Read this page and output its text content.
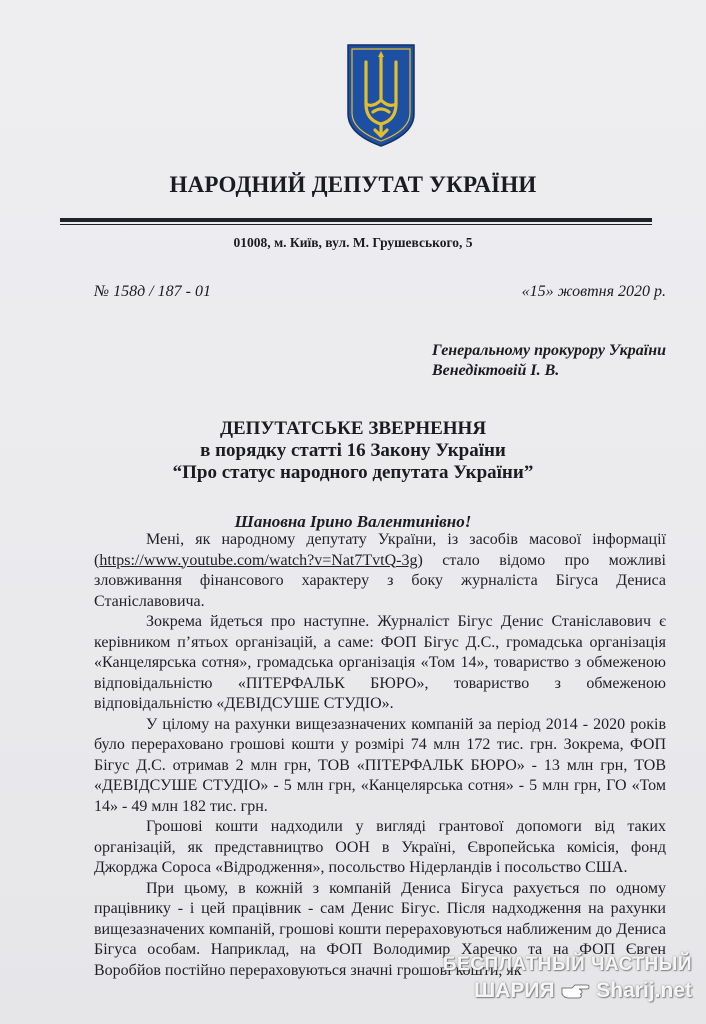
НАРОДНИЙ ДЕПУТАТ УКРАЇНИ
01008, м. Київ, вул. М. Грушевського, 5
№ 158д / 187 - 01	«15» жовтня 2020 р.
Генеральному прокурору України
Венедіктовій І. В.
ДЕПУТАТСЬКЕ ЗВЕРНЕННЯ
в порядку статті 16 Закону України
“Про статус народного депутата України”
Шановна Ірино Валентинівно!

Мені, як народному депутату України, із засобів масової інформації (https://www.youtube.com/watch?v=Nat7TvtQ-3g) стало відомо про можливі зловживання фінансового характеру з боку журналіста Бігуса Дениса Станіславовича.

Зокрема йдеться про наступне. Журналіст Бігус Денис Станіславович є керівником п’ятьох організацій, а саме: ФОП Бігус Д.С., громадська організація «Канцелярська сотня», громадська організація «Том 14», товариство з обмеженою відповідальністю «ПІТЕРФАЛЬК БЮРО», товариство з обмеженою відповідальністю «ДЕВІДСУШЕ СТУДІО».

У цілому на рахунки вищезазначених компаній за період 2014 - 2020 років було перераховано грошові кошти у розмірі 74 млн 172 тис. грн. Зокрема, ФОП Бігус Д.С. отримав 2 млн грн, ТОВ «ПІТЕРФАЛЬК БЮРО» - 13 млн грн, ТОВ «ДЕВІДСУШЕ СТУДІО» - 5 млн грн, «Канцелярська сотня» - 5 млн грн, ГО «Том 14» - 49 млн 182 тис. грн.

Грошові кошти надходили у вигляді грантової допомоги від таких організацій, як представництво ООН в Україні, Європейська комісія, фонд Джорджа Сороса «Відродження», посольство Нідерландів і посольство США.

При цьому, в кожній з компаній Дениса Бігуса рахується по одному працівнику - і цей працівник - сам Денис Бігус. Після надходження на рахунки вищезазначених компаній, грошові кошти перераховуються наближеним до Дениса Бігуса особам. Наприклад, на ФОП Володимир Харечко та на ФОП Євген Воробйов постійно перераховуються значні грошові кошти, як

БЕСПЛАТНЫЙ ЧАСТНЫЙ
ШАРИЯ Sharij.net
